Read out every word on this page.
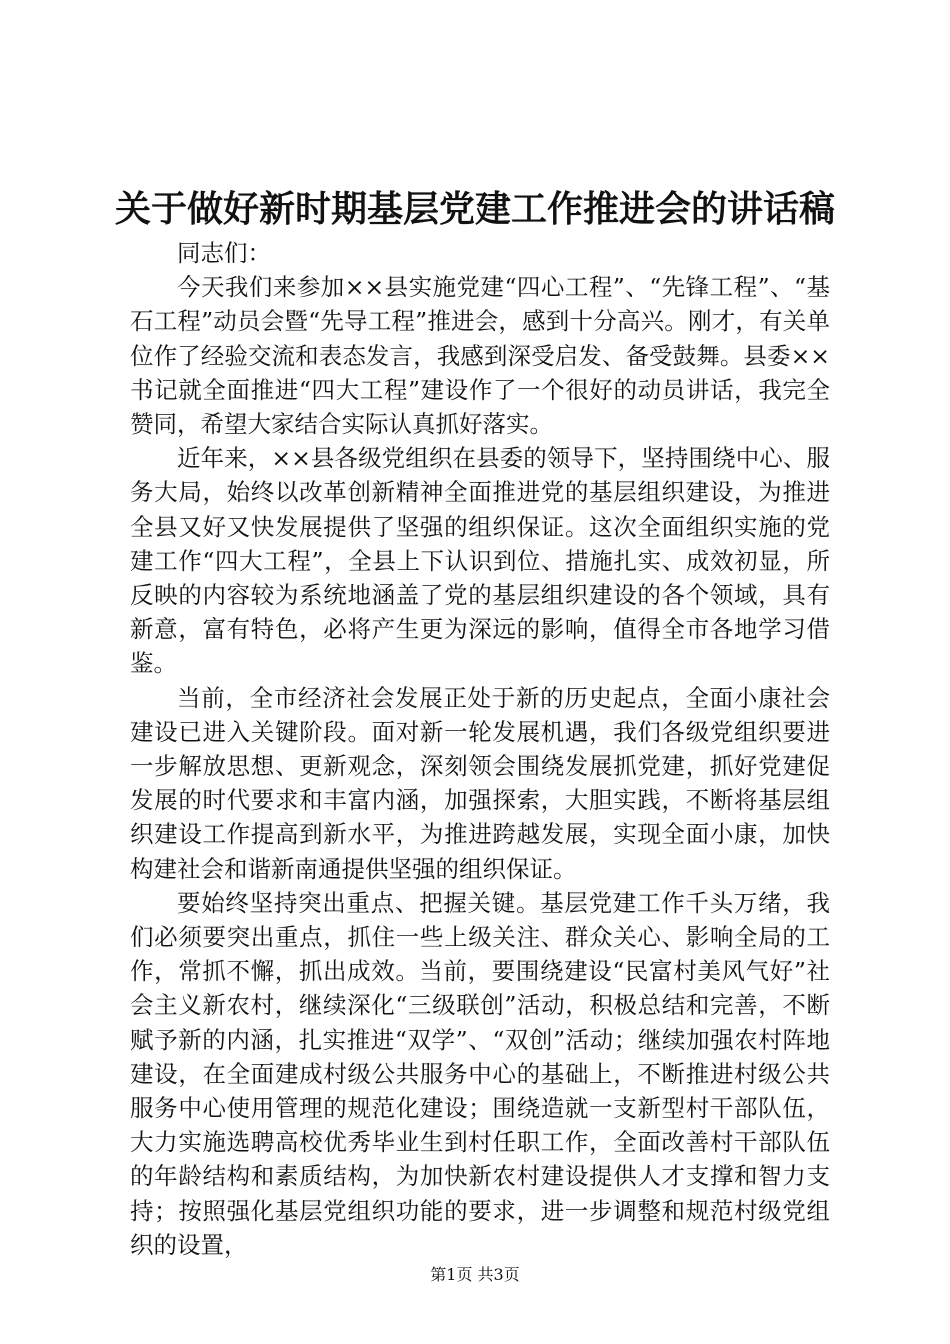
关于做好新时期基层党建工作推进会的讲话稿

同志们：

今天我们来参加××县实施党建“四心工程”、“先锋工程”、“基石工程”动员会暨“先导工程”推进会，感到十分高兴。刚才，有关单位作了经验交流和表态发言，我感到深受启发、备受鼓舞。县委××书记就全面推进“四大工程”建设作了一个很好的动员讲话，我完全赞同，希望大家结合实际认真抓好落实。

近年来，××县各级党组织在县委的领导下，坚持围绕中心、服务大局，始终以改革创新精神全面推进党的基层组织建设，为推进全县又好又快发展提供了坚强的组织保证。这次全面组织实施的党建工作“四大工程”，全县上下认识到位、措施扎实、成效初显，所反映的内容较为系统地涵盖了党的基层组织建设的各个领域，具有新意，富有特色，必将产生更为深远的影响，值得全市各地学习借鉴。

当前，全市经济社会发展正处于新的历史起点，全面小康社会建设已进入关键阶段。面对新一轮发展机遇，我们各级党组织要进一步解放思想、更新观念，深刻领会围绕发展抓党建，抓好党建促发展的时代要求和丰富内涵，加强探索，大胆实践，不断将基层组织建设工作提高到新水平，为推进跨越发展，实现全面小康，加快构建社会和谐新南通提供坚强的组织保证。

要始终坚持突出重点、把握关键。基层党建工作千头万绪，我们必须要突出重点，抓住一些上级关注、群众关心、影响全局的工作，常抓不懈，抓出成效。当前，要围绕建设“民富村美风气好”社会主义新农村，继续深化“三级联创”活动，积极总结和完善，不断赋予新的内涵，扎实推进“双学”、“双创”活动；继续加强农村阵地建设，在全面建成村级公共服务中心的基础上，不断推进村级公共服务中心使用管理的规范化建设；围绕造就一支新型村干部队伍，大力实施选聘高校优秀毕业生到村任职工作，全面改善村干部队伍的年龄结构和素质结构，为加快新农村建设提供人才支撑和智力支持；按照强化基层党组织功能的要求，进一步调整和规范村级党组织的设置，

第1页 共3页
